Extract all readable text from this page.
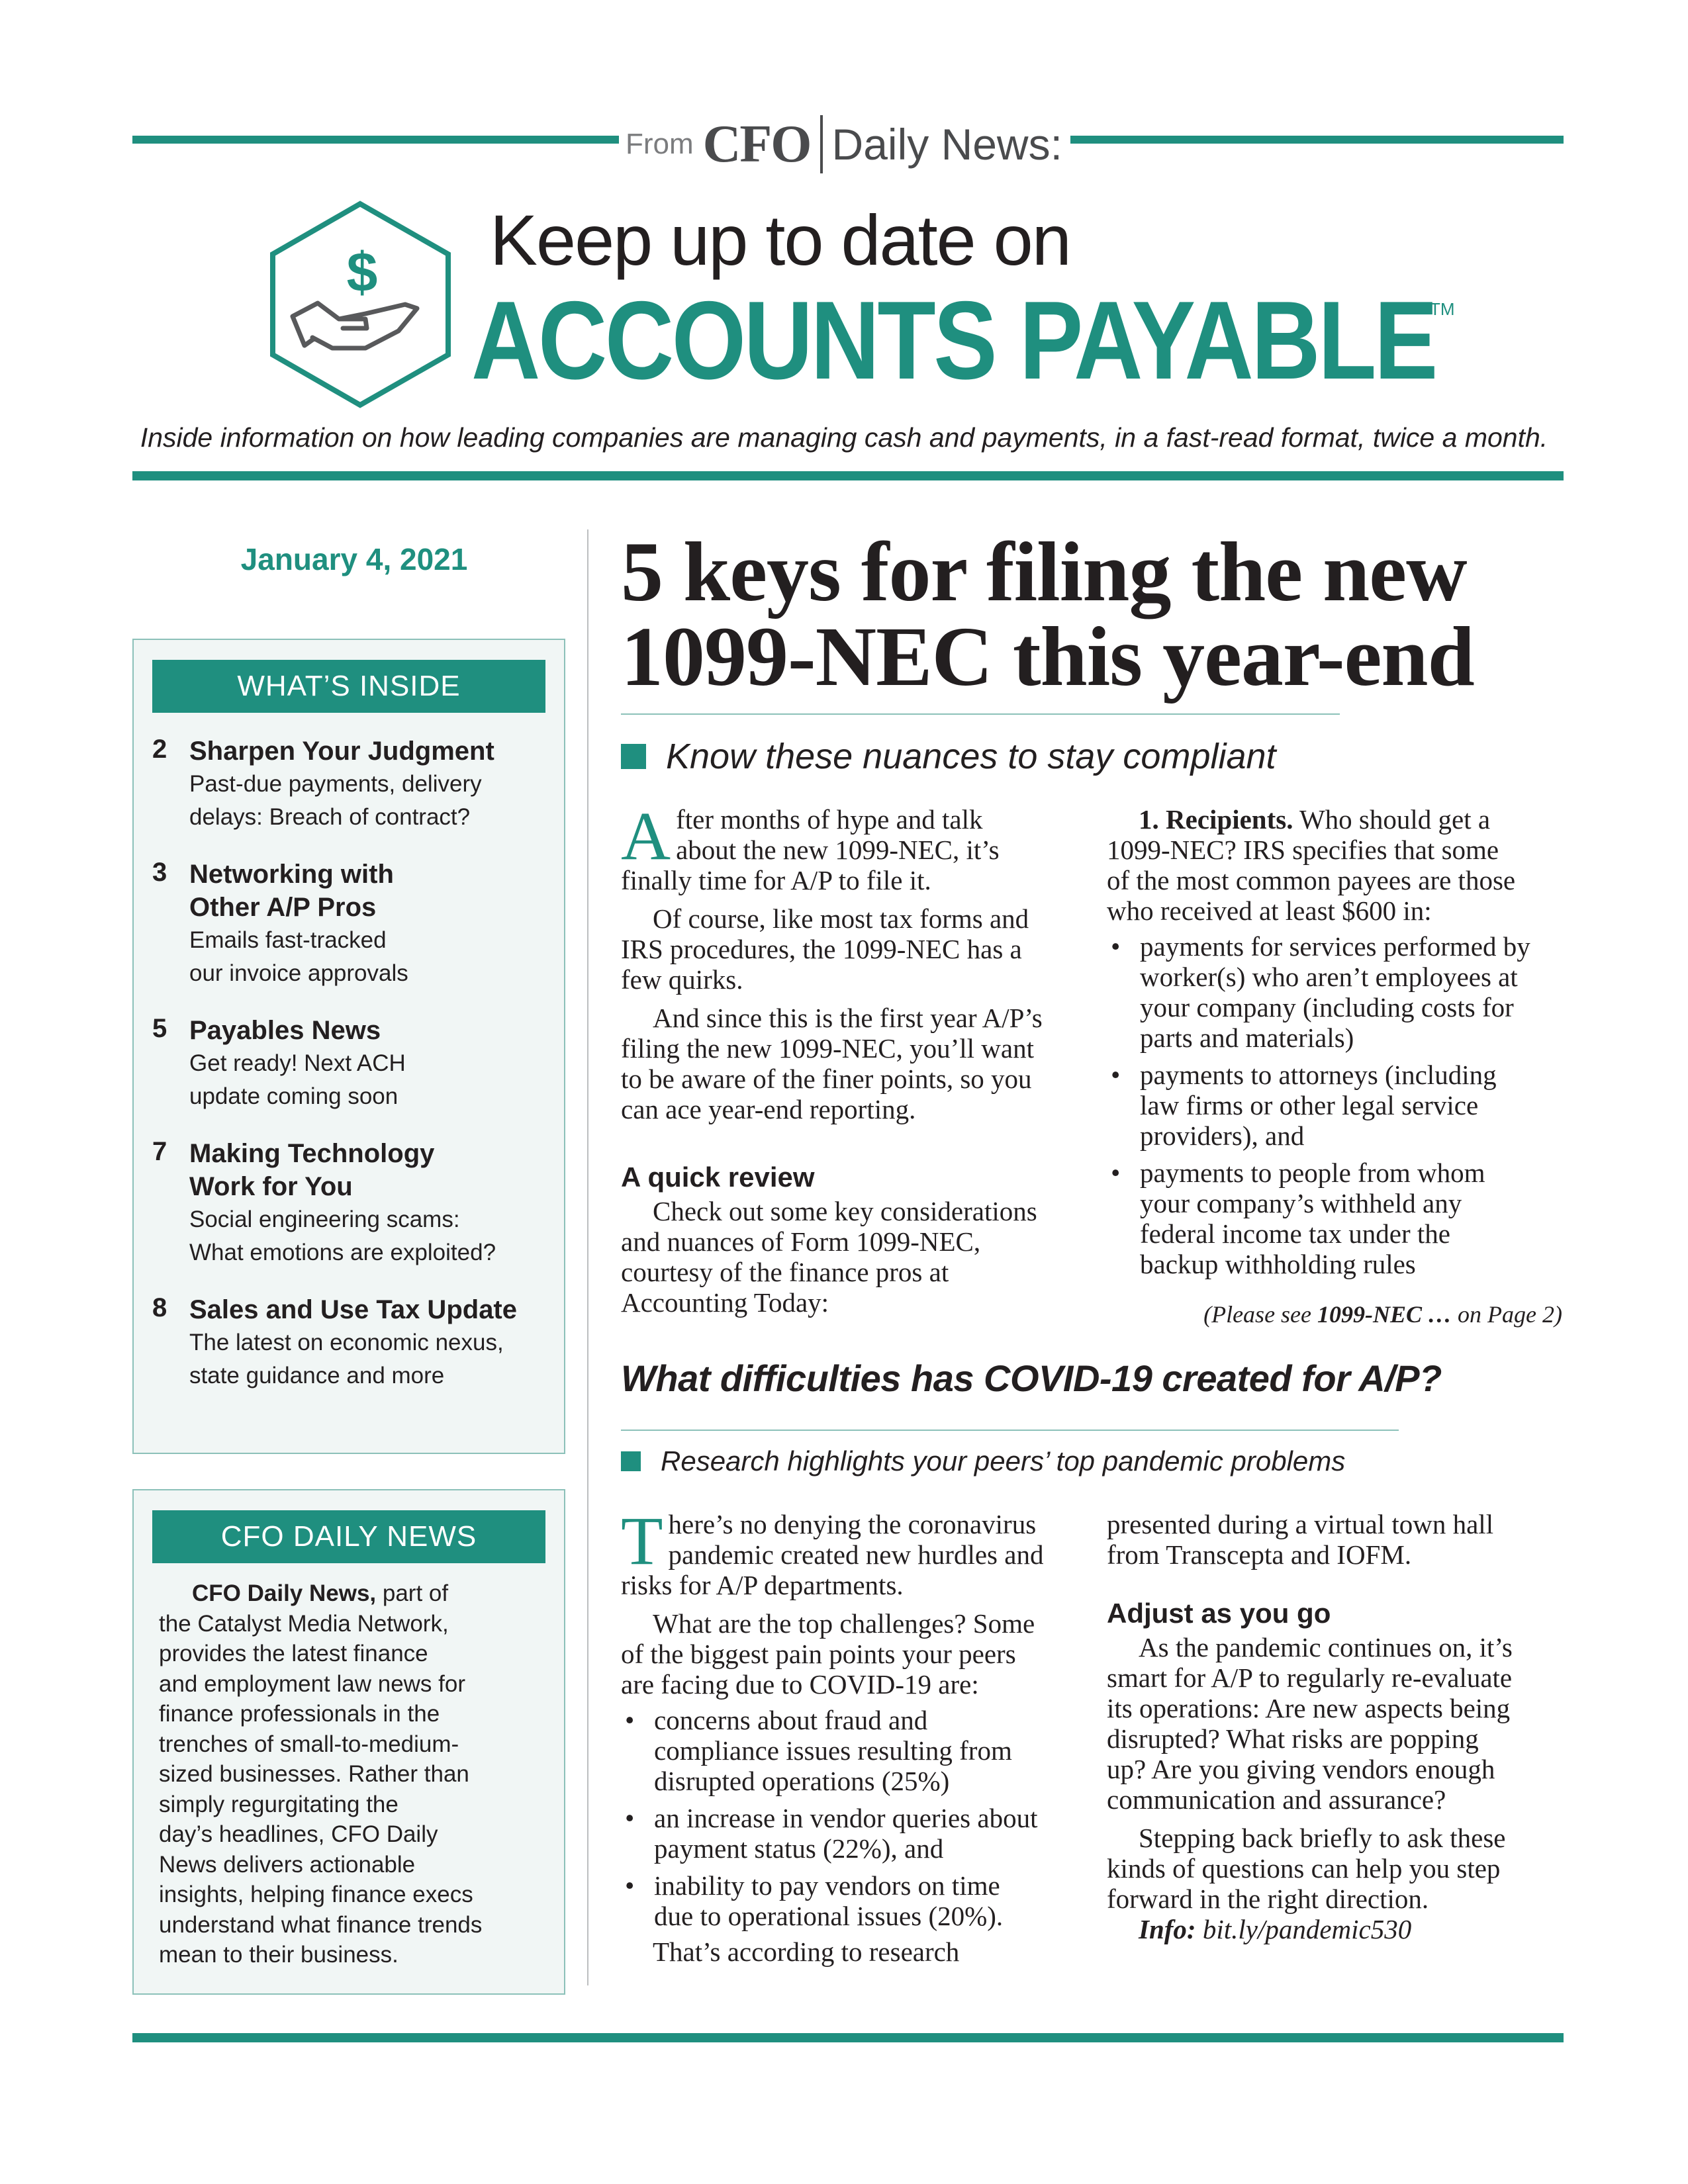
From CFO Daily News:
$ Keep up to date on
ACCOUNTS PAYABLE
TM
Inside information on how leading companies are managing cash and payments, in a fast-read format, twice a month.
January 4, 2021
WHAT’S INSIDE
2 Sharpen Your Judgment
Past-due payments, delivery
delays: Breach of contract?
3 Networking with
Other A/P Pros
Emails fast-tracked
our invoice approvals
5 Payables News
Get ready! Next ACH
update coming soon
7 Making Technology
Work for You
Social engineering scams:
What emotions are exploited?
8 Sales and Use Tax Update
The latest on economic nexus,
state guidance and more
CFO DAILY NEWS
CFO Daily News, part of
the Catalyst Media Network,
provides the latest finance
and employment law news for
finance professionals in the
trenches of small-to-medium-
sized businesses. Rather than
simply regurgitating the
day’s headlines, CFO Daily
News delivers actionable
insights, helping finance execs
understand what finance trends
mean to their business.
5 keys for filing the new
1099-NEC this year-end
Know these nuances to stay compliant
A fter months of hype and talk
about the new 1099-NEC, it’s
finally time for A/P to file it.
Of course, like most tax forms and
IRS procedures, the 1099-NEC has a
few quirks.
And since this is the first year A/P’s
filing the new 1099-NEC, you’ll want
to be aware of the finer points, so you
can ace year-end reporting.
A quick review
Check out some key considerations
and nuances of Form 1099-NEC,
courtesy of the finance pros at
Accounting Today:
1. Recipients. Who should get a
1099-NEC? IRS specifies that some
of the most common payees are those
who received at least $600 in:
• payments for services performed by
worker(s) who aren’t employees at
your company (including costs for
parts and materials)
• payments to attorneys (including
law firms or other legal service
providers), and
• payments to people from whom
your company’s withheld any
federal income tax under the
backup withholding rules
(Please see 1099-NEC … on Page 2)
What difficulties has COVID-19 created for A/P?
Research highlights your peers’ top pandemic problems
T here’s no denying the coronavirus
pandemic created new hurdles and
risks for A/P departments.
What are the top challenges? Some
of the biggest pain points your peers
are facing due to COVID-19 are:
• concerns about fraud and
compliance issues resulting from
disrupted operations (25%)
• an increase in vendor queries about
payment status (22%), and
• inability to pay vendors on time
due to operational issues (20%).
That’s according to research
presented during a virtual town hall
from Transcepta and IOFM.
Adjust as you go
As the pandemic continues on, it’s
smart for A/P to regularly re-evaluate
its operations: Are new aspects being
disrupted? What risks are popping
up? Are you giving vendors enough
communication and assurance?
Stepping back briefly to ask these
kinds of questions can help you step
forward in the right direction.
Info: bit.ly/pandemic530
